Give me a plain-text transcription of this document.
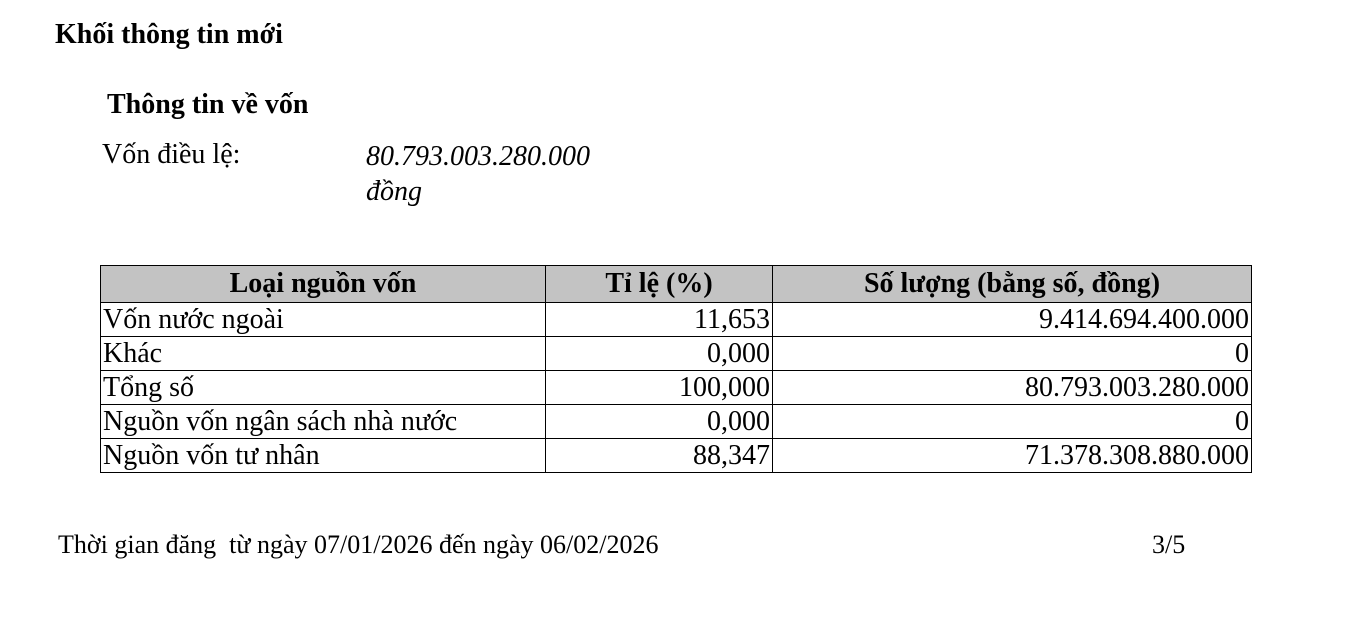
Khối thông tin mới
Thông tin về vốn
Vốn điều lệ:	80.793.003.280.000 đồng
Loại nguồn vốn	Tỉ lệ (%)	Số lượng (bằng số, đồng)
Vốn nước ngoài	11,653	9.414.694.400.000
Khác	0,000	0
Tổng số	100,000	80.793.003.280.000
Nguồn vốn ngân sách nhà nước	0,000	0
Nguồn vốn tư nhân	88,347	71.378.308.880.000
Thời gian đăng  từ ngày 07/01/2026 đến ngày 06/02/2026	3/5
